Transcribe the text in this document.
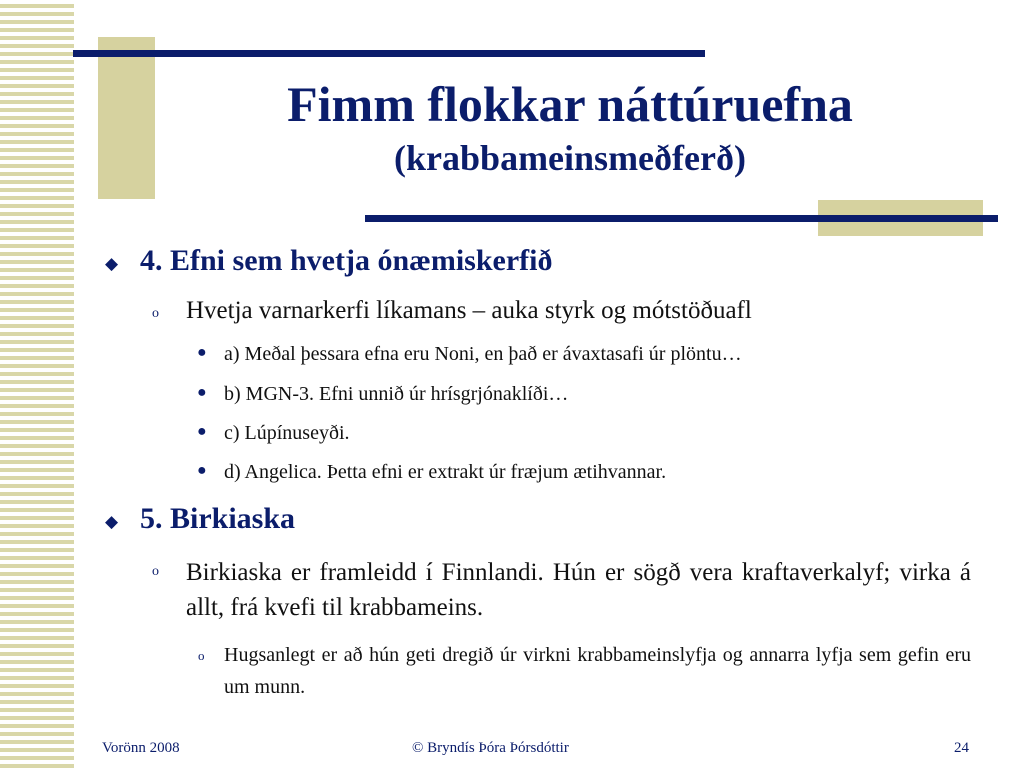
Fimm flokkar náttúruefna
(krabbameinsmeðferð)
◆ 4. Efni sem hvetja ónæmiskerfið
o Hvetja varnarkerfi líkamans – auka styrk og mótstöðuafl
● a) Meðal þessara efna eru Noni, en það er ávaxtasafi úr plöntu…
● b) MGN-3. Efni unnið úr hrísgrjónaklíði…
● c) Lúpínuseyði.
● d) Angelica. Þetta efni er extrakt úr fræjum ætihvannar.
◆ 5. Birkiaska
o Birkiaska er framleidd í Finnlandi. Hún er sögð vera kraftaverkalyf; virka á allt, frá kvefi til krabbameins.
o Hugsanlegt er að hún geti dregið úr virkni krabbameinslyfja og annarra lyfja sem gefin eru um munn.
Vorönn 2008	© Bryndís Þóra Þórsdóttir	24
